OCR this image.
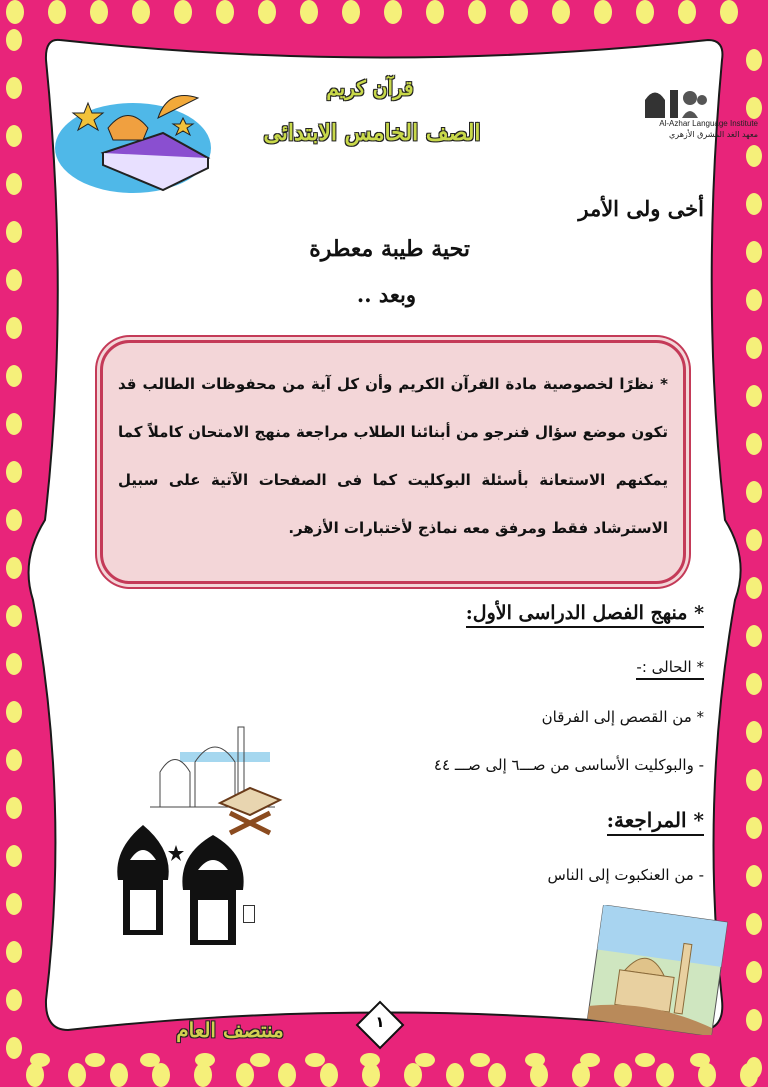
قرآن كريم
الصف الخامس الابتدائى	Al-Azhar Language Institute
معهد الغد المشرق الأزهري
أخى ولى الأمر
تحية طيبة معطرة
وبعد ..
* نظرًا لخصوصية مادة القرآن الكريم وأن كل آية من محفوظات الطالب قد تكون موضع سؤال فنرجو من أبنائنا الطلاب مراجعة منهج الامتحان كاملاً كما يمكنهم الاستعانة بأسئلة البوكليت كما فى الصفحات الآتية على سبيل الاسترشاد فقط ومرفق معه نماذج لأختبارات الأزهر.
* منهج الفصل الدراسى الأول:
* الحالى :-
* من القصص إلى الفرقان
- والبوكليت الأساسى من صـــ٦ إلى صـــ ٤٤
* المراجعة:
- من العنكبوت إلى الناس
١
منتصف العام
